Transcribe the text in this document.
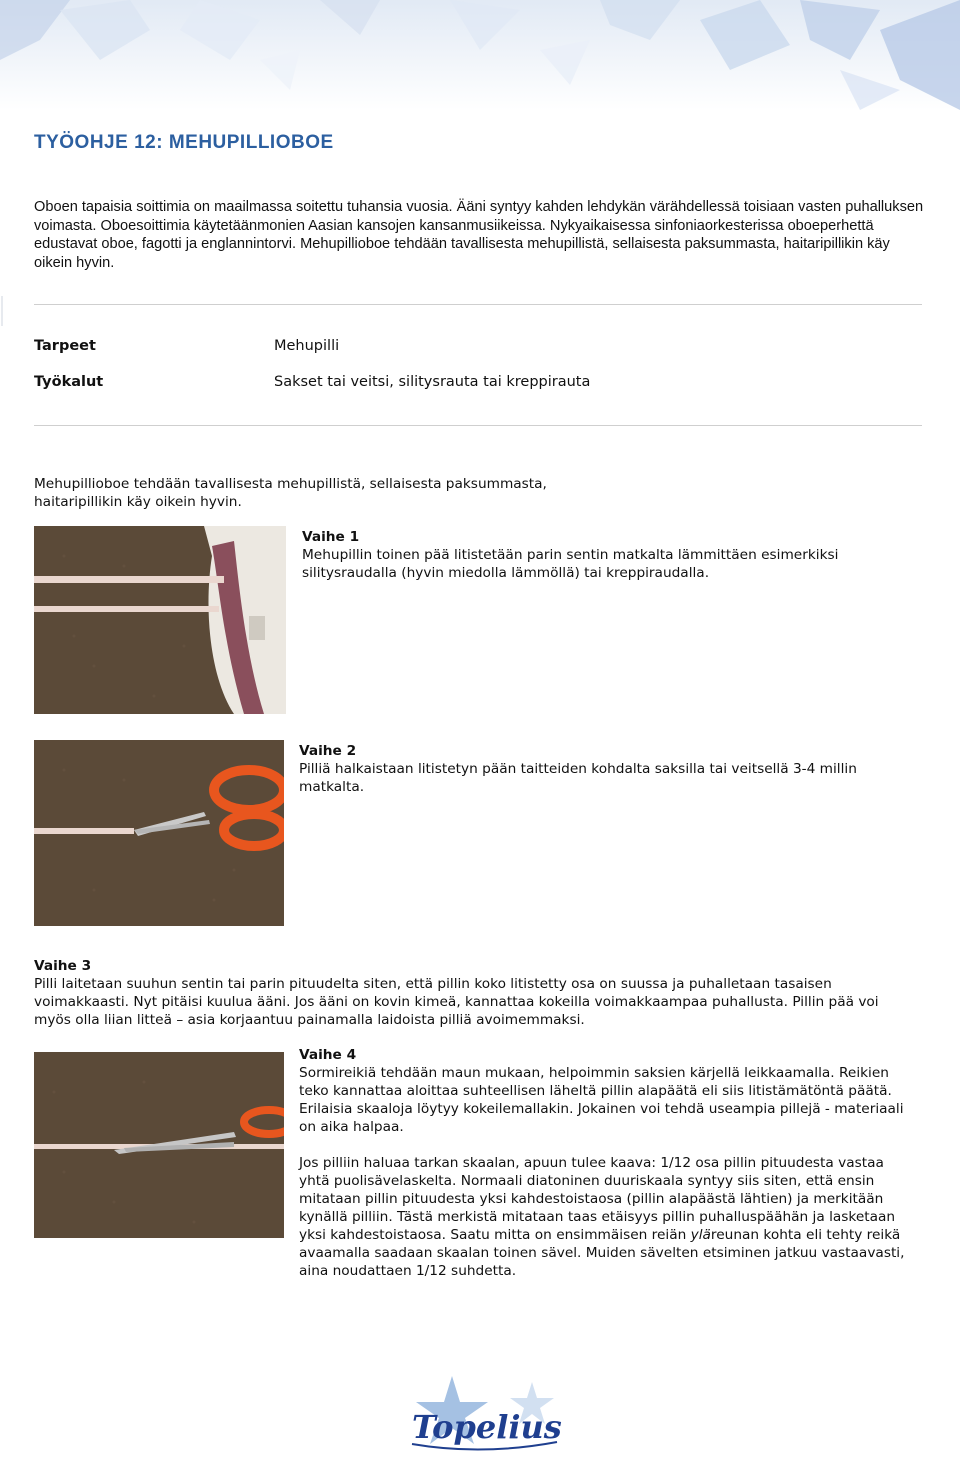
TYÖOHJE 12: MEHUPILLIOBOE

Oboen tapaisia soittimia on maailmassa soitettu tuhansia vuosia. Ääni syntyy kahden lehdykän värähdellessä toisiaan vasten puhalluksen voimasta. Oboesoittimia käytetäänmonien Aasian kansojen kansanmusiikeissa. Nykyaikaisessa sinfoniaorkesterissa oboeperhettä edustavat oboe, fagotti ja englannintorvi. Mehupillioboe tehdään tavallisesta mehupillistä, sellaisesta paksummasta, haitaripillikin käy oikein hyvin.

Tarpeet	Mehupilli
Työkalut	Sakset tai veitsi, silitysrauta tai kreppirauta

Mehupillioboe tehdään tavallisesta mehupillistä, sellaisesta paksummasta, haitaripillikin käy oikein hyvin.

Vaihe 1
Mehupillin toinen pää litistetään parin sentin matkalta lämmittäen esimerkiksi silitysraudalla (hyvin miedolla lämmöllä) tai kreppiraudalla.
Vaihe 2
Pilliä halkaistaan litistetyn pään taitteiden kohdalta saksilla tai veitsellä 3-4 millin matkalta.
Vaihe 3
Pilli laitetaan suuhun sentin tai parin pituudelta siten, että pillin koko litistetty osa on suussa ja puhalletaan tasaisen voimakkaasti. Nyt pitäisi kuulua ääni. Jos ääni on kovin kimeä, kannattaa kokeilla voimakkaampaa puhallusta. Pillin pää voi myös olla liian litteä – asia korjaantuu painamalla laidoista pilliä avoimemmaksi.
Vaihe 4
Sormireikiä tehdään maun mukaan, helpoimmin saksien kärjellä leikkaamalla. Reikien teko kannattaa aloittaa suhteellisen läheltä pillin alapäätä eli siis litistämätöntä päätä. Erilaisia skaaloja löytyy kokeilemallakin. Jokainen voi tehdä useampia pillejä - materiaali on aika halpaa.

Jos pilliin haluaa tarkan skaalan, apuun tulee kaava: 1/12 osa pillin pituudesta vastaa yhtä puolisävelaskelta. Normaali diatoninen duuriskaala syntyy siis siten, että ensin mitataan pillin pituudesta yksi kahdestoistaosa (pillin alapäästä lähtien) ja merkitään kynällä pilliin. Tästä merkistä mitataan taas etäisyys pillin puhalluspäähän ja lasketaan yksi kahdestoistaosa. Saatu mitta on ensimmäisen reiän yläreunan kohta eli tehty reikä avaamalla saadaan skaalan toinen sävel. Muiden sävelten etsiminen jatkuu vastaavasti, aina noudattaen 1/12 suhdetta.

Topelius
